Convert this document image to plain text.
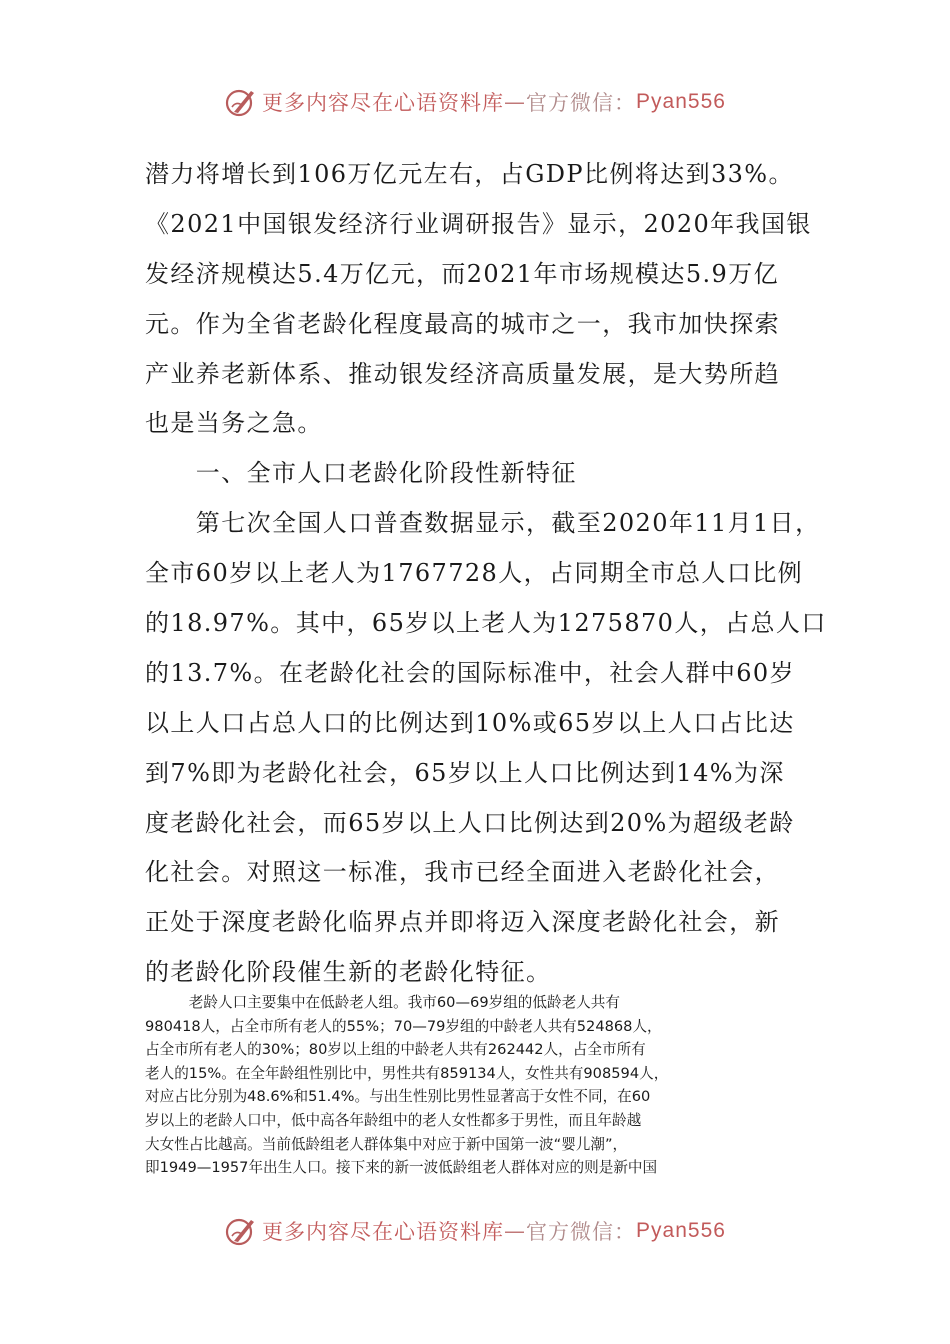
更多内容尽在心语资料库 — 官方微信： Pyan556
潜力将增长到106万亿元左右，占GDP比例将达到33%。
《2021中国银发经济行业调研报告》显示，2020年我国银
发经济规模达5.4万亿元，而2021年市场规模达5.9万亿
元。作为全省老龄化程度最高的城市之一，我市加快探索
产业养老新体系、推动银发经济高质量发展，是大势所趋
也是当务之急。
　　一、全市人口老龄化阶段性新特征
　　第七次全国人口普查数据显示，截至2020年11月1日，
全市60岁以上老人为1767728人，占同期全市总人口比例
的18.97%。其中，65岁以上老人为1275870人，占总人口
的13.7%。在老龄化社会的国际标准中，社会人群中60岁
以上人口占总人口的比例达到10%或65岁以上人口占比达
到7%即为老龄化社会，65岁以上人口比例达到14%为深
度老龄化社会，而65岁以上人口比例达到20%为超级老龄
化社会。对照这一标准，我市已经全面进入老龄化社会，
正处于深度老龄化临界点并即将迈入深度老龄化社会，新
的老龄化阶段催生新的老龄化特征。
　　　老龄人口主要集中在低龄老人组。我市60—69岁组的低龄老人共有
980418人，占全市所有老人的55%；70—79岁组的中龄老人共有524868人，
占全市所有老人的30%；80岁以上组的中龄老人共有262442人，占全市所有
老人的15%。在全年龄组性别比中，男性共有859134人，女性共有908594人，
对应占比分别为48.6%和51.4%。与出生性别比男性显著高于女性不同，在60
岁以上的老龄人口中，低中高各年龄组中的老人女性都多于男性，而且年龄越
大女性占比越高。当前低龄组老人群体集中对应于新中国第一波“婴儿潮”，
即1949—1957年出生人口。接下来的新一波低龄组老人群体对应的则是新中国
更多内容尽在心语资料库 — 官方微信： Pyan556
